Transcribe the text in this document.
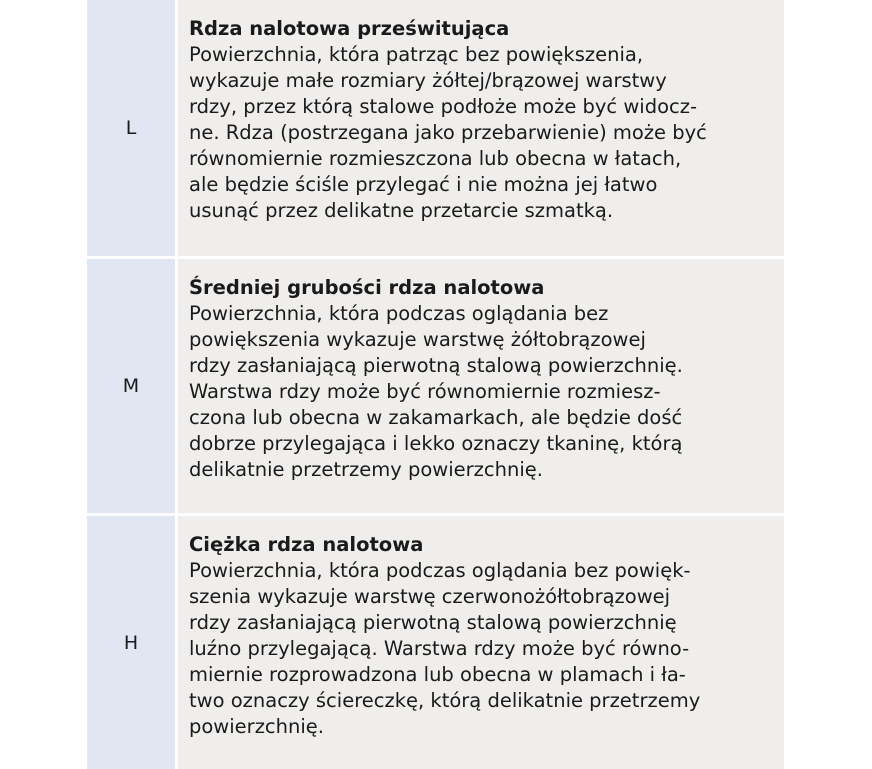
L

Rdza nalotowa prześwitująca

Powierzchnia, która patrząc bez powiększenia,

wykazuje małe rozmiary żółtej/brązowej warstwy

rdzy, przez którą stalowe podłoże może być widocz-

ne. Rdza (postrzegana jako przebarwienie) może być

równomiernie rozmieszczona lub obecna w łatach,

ale będzie ściśle przylegać i nie można jej łatwo

usunąć przez delikatne przetarcie szmatką.

M

Średniej grubości rdza nalotowa

Powierzchnia, która podczas oglądania bez

powiększenia wykazuje warstwę żółtobrązowej

rdzy zasłaniającą pierwotną stalową powierzchnię.

Warstwa rdzy może być równomiernie rozmiesz-

czona lub obecna w zakamarkach, ale będzie dość

dobrze przylegająca i lekko oznaczy tkaninę, którą

delikatnie przetrzemy powierzchnię.

H

Ciężka rdza nalotowa

Powierzchnia, która podczas oglądania bez powięk-

szenia wykazuje warstwę czerwonożółtobrązowej

rdzy zasłaniającą pierwotną stalową powierzchnię

luźno przylegającą. Warstwa rdzy może być równo-

miernie rozprowadzona lub obecna w plamach i ła-

two oznaczy ściereczkę, którą delikatnie przetrzemy

powierzchnię.
